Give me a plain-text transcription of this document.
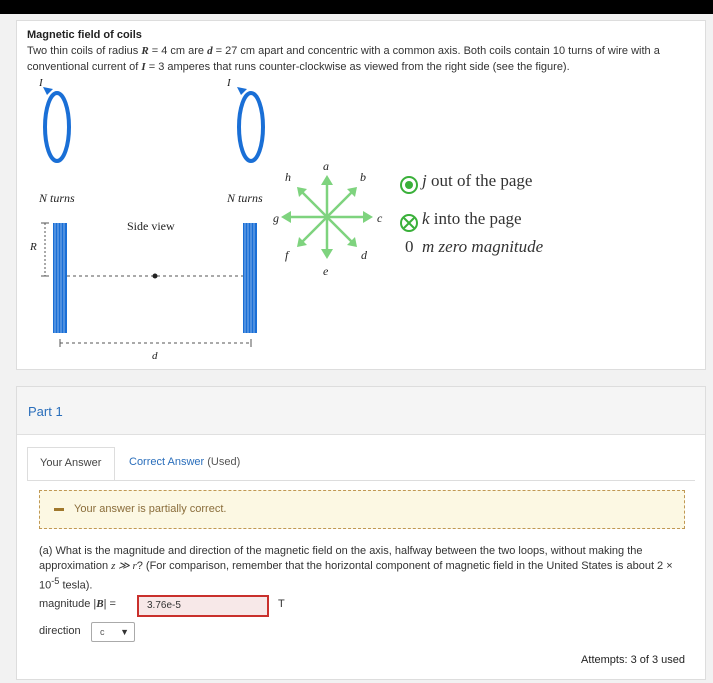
Magnetic field of coils
Two thin coils of radius R = 4 cm are d = 27 cm apart and concentric with a common axis. Both coils contain 10 turns of wire with a conventional current of I = 3 amperes that runs counter-clockwise as viewed from the right side (see the figure).
I
N turns
I
N turns
Side view
R
d
a
b
c
d
e
f
g
h	j out of the page
k into the page
0 m zero magnitude
Part 1
Your Answer	Correct Answer (Used)
Your answer is partially correct.
(a) What is the magnitude and direction of the magnetic field on the axis, halfway between the two loops, without making the approximation z ≫ r? (For comparison, remember that the horizontal component of magnetic field in the United States is about $2 \times 10^{-5}$ tesla).
magnitude |B| =	3.76e-5	T
direction c ▼
Attempts: 3 of 3 used
